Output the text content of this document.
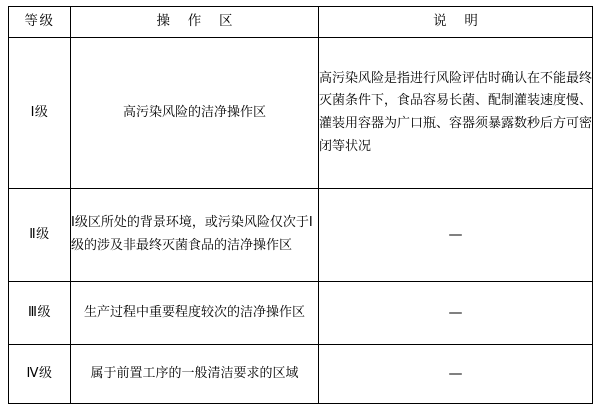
等级	操 作 区	说 明

Ⅰ级	高污染风险的洁净操作区	高污染风险是指进行风险评估时确认在不能最终灭菌条件下，食品容易长菌、配制灌装速度慢、灌装用容器为广口瓶、容器须暴露数秒后方可密闭等状况
Ⅱ级	Ⅰ级区所处的背景环境，或污染风险仅次于Ⅰ级的涉及非最终灭菌食品的洁净操作区	—

Ⅲ级	生产过程中重要程度较次的洁净操作区	—

Ⅳ级	属于前置工序的一般清洁要求的区域	—
